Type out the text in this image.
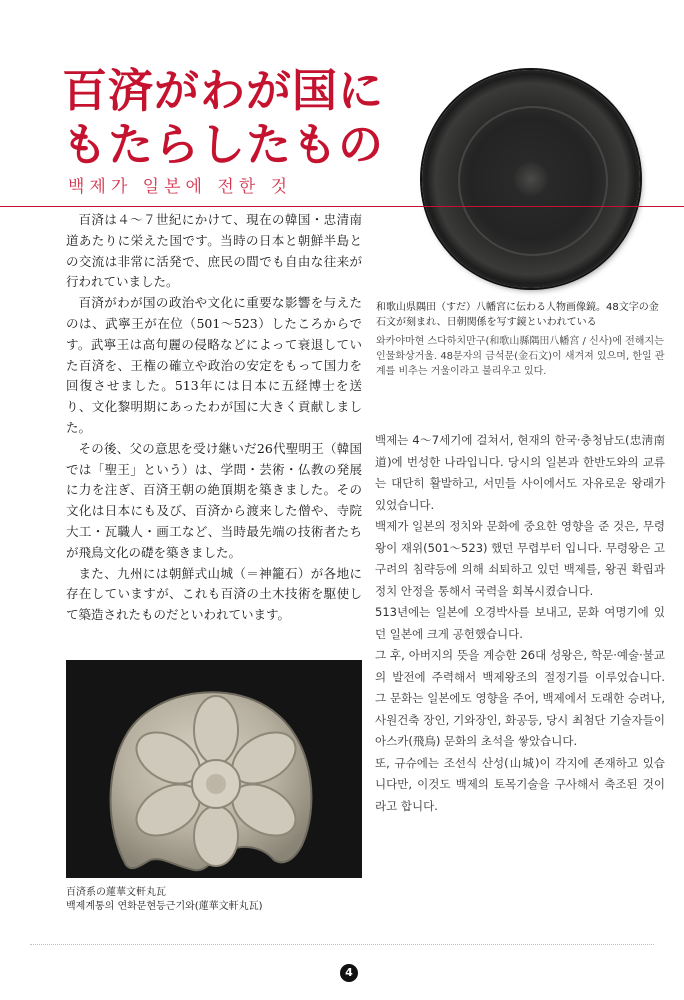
百済がわが国に
もたらしたもの
백제가 일본에 전한 것

和歌山県隅田（すだ）八幡宮に伝わる人物画像鏡。48文字の金石文が刻まれ、日朝関係を写す鏡といわれている

와카야마현 스다하치만구(和歌山縣隅田八幡宮 / 신사)에 전해지는 인물화상거울. 48문자의 금석문(金石文)이 새겨져 있으며, 한일 관계를 비추는 거울이라고 불리우고 있다.

百済は４～７世紀にかけて、現在の韓国・忠清南道あたりに栄えた国です。当時の日本と朝鮮半島との交流は非常に活発で、庶民の間でも自由な往来が行われていました。

百済がわが国の政治や文化に重要な影響を与えたのは、武寧王が在位（501～523）したころからです。武寧王は高句麗の侵略などによって衰退していた百済を、王権の確立や政治の安定をもって国力を回復させました。513年には日本に五経博士を送り、文化黎明期にあったわが国に大きく貢献しました。

その後、父の意思を受け継いだ26代聖明王（韓国では「聖王」という）は、学問・芸術・仏教の発展に力を注ぎ、百済王朝の絶頂期を築きました。その文化は日本にも及び、百済から渡来した僧や、寺院大工・瓦職人・画工など、当時最先端の技術者たちが飛鳥文化の礎を築きました。

また、九州には朝鮮式山城（＝神籠石）が各地に存在していますが、これも百済の土木技術を駆使して築造されたものだといわれています。

백제는 4～7세기에 걸쳐서, 현재의 한국·충청남도(忠淸南道)에 번성한 나라입니다. 당시의 일본과 한반도와의 교류는 대단히 활발하고, 서민들 사이에서도 자유로운 왕래가 있었습니다.

백제가 일본의 정치와 문화에 중요한 영향을 준 것은, 무령왕이 재위(501～523) 했던 무렵부터 입니다. 무령왕은 고구려의 침략등에 의해 쇠퇴하고 있던 백제를, 왕권 확립과 정치 안정을 통해서 국력을 회복시켰습니다.

513년에는 일본에 오경박사를 보내고, 문화 여명기에 있던 일본에 크게 공헌했습니다.

그 후, 아버지의 뜻을 계승한 26대 성왕은, 학문·예술·불교의 발전에 주력해서 백제왕조의 절정기를 이루었습니다. 그 문화는 일본에도 영향을 주어, 백제에서 도래한 승려나, 사원건축 장인, 기와장인, 화공등, 당시 최첨단 기술자들이 아스카(飛鳥) 문화의 초석을 쌓았습니다.

또, 규슈에는 조선식 산성(山城)이 각지에 존재하고 있습니다만, 이것도 백제의 토목기술을 구사해서 축조된 것이라고 합니다.

百済系の蓮華文軒丸瓦

백제계통의 연화문현등근기와(蓮華文軒丸瓦)

4
